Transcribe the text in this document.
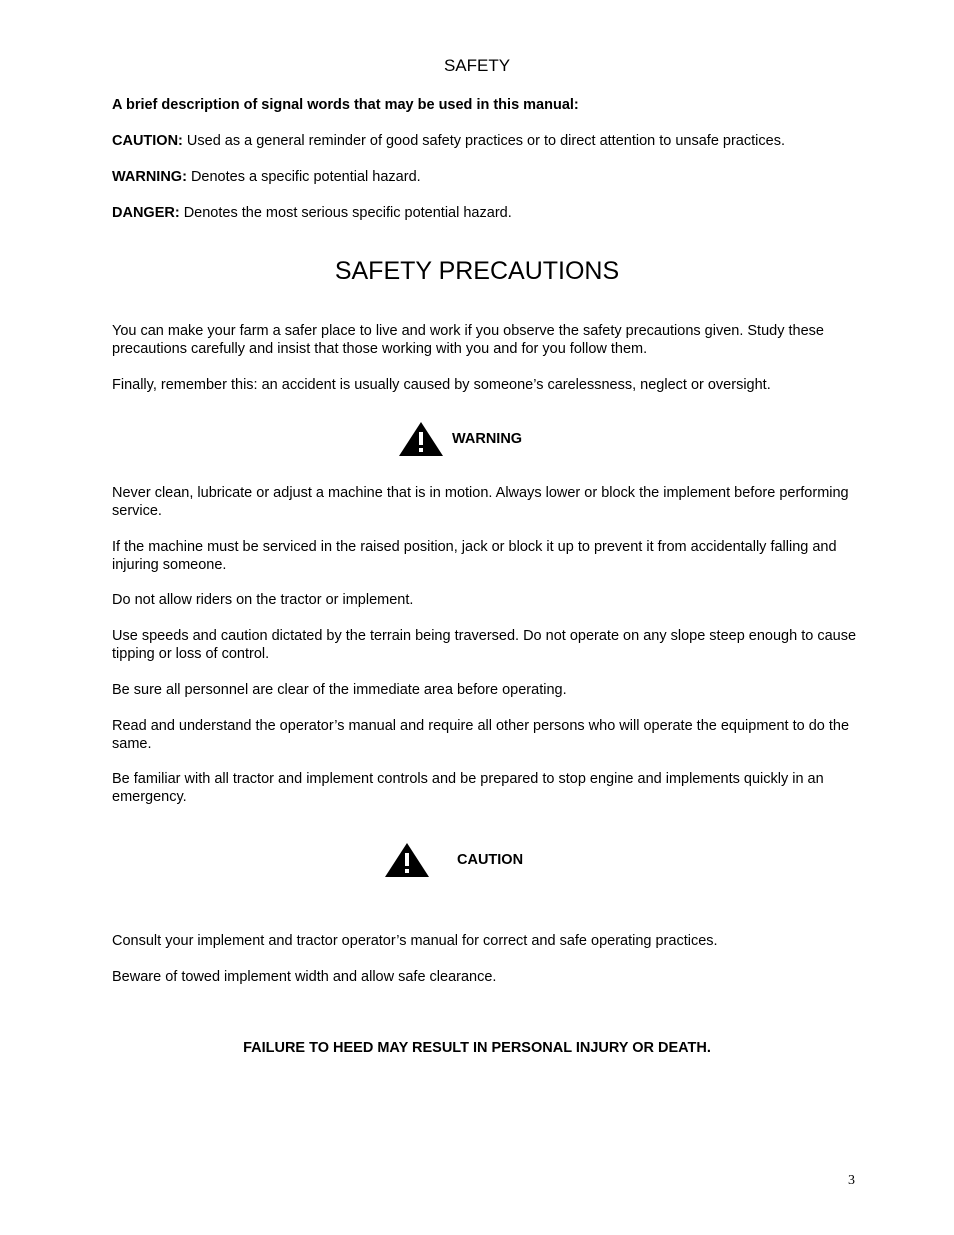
SAFETY
A brief description of signal words that may be used in this manual:
CAUTION: Used as a general reminder of good safety practices or to direct attention to unsafe practices.
WARNING: Denotes a specific potential hazard.
DANGER: Denotes the most serious specific potential hazard.
SAFETY PRECAUTIONS
You can make your farm a safer place to live and work if you observe the safety precautions given. Study these precautions carefully and insist that those working with you and for you follow them.
Finally, remember this: an accident is usually caused by someone’s carelessness, neglect or oversight.
WARNING
Never clean, lubricate or adjust a machine that is in motion. Always lower or block the implement before performing service.
If the machine must be serviced in the raised position, jack or block it up to prevent it from accidentally falling and injuring someone.
Do not allow riders on the tractor or implement.
Use speeds and caution dictated by the terrain being traversed. Do not operate on any slope steep enough to cause tipping or loss of control.
Be sure all personnel are clear of the immediate area before operating.
Read and understand the operator’s manual and require all other persons who will operate the equipment to do the same.
Be familiar with all tractor and implement controls and be prepared to stop engine and implements quickly in an emergency.
CAUTION
Consult your implement and tractor operator’s manual for correct and safe operating practices.
Beware of towed implement width and allow safe clearance.
FAILURE TO HEED MAY RESULT IN PERSONAL INJURY OR DEATH.
3
